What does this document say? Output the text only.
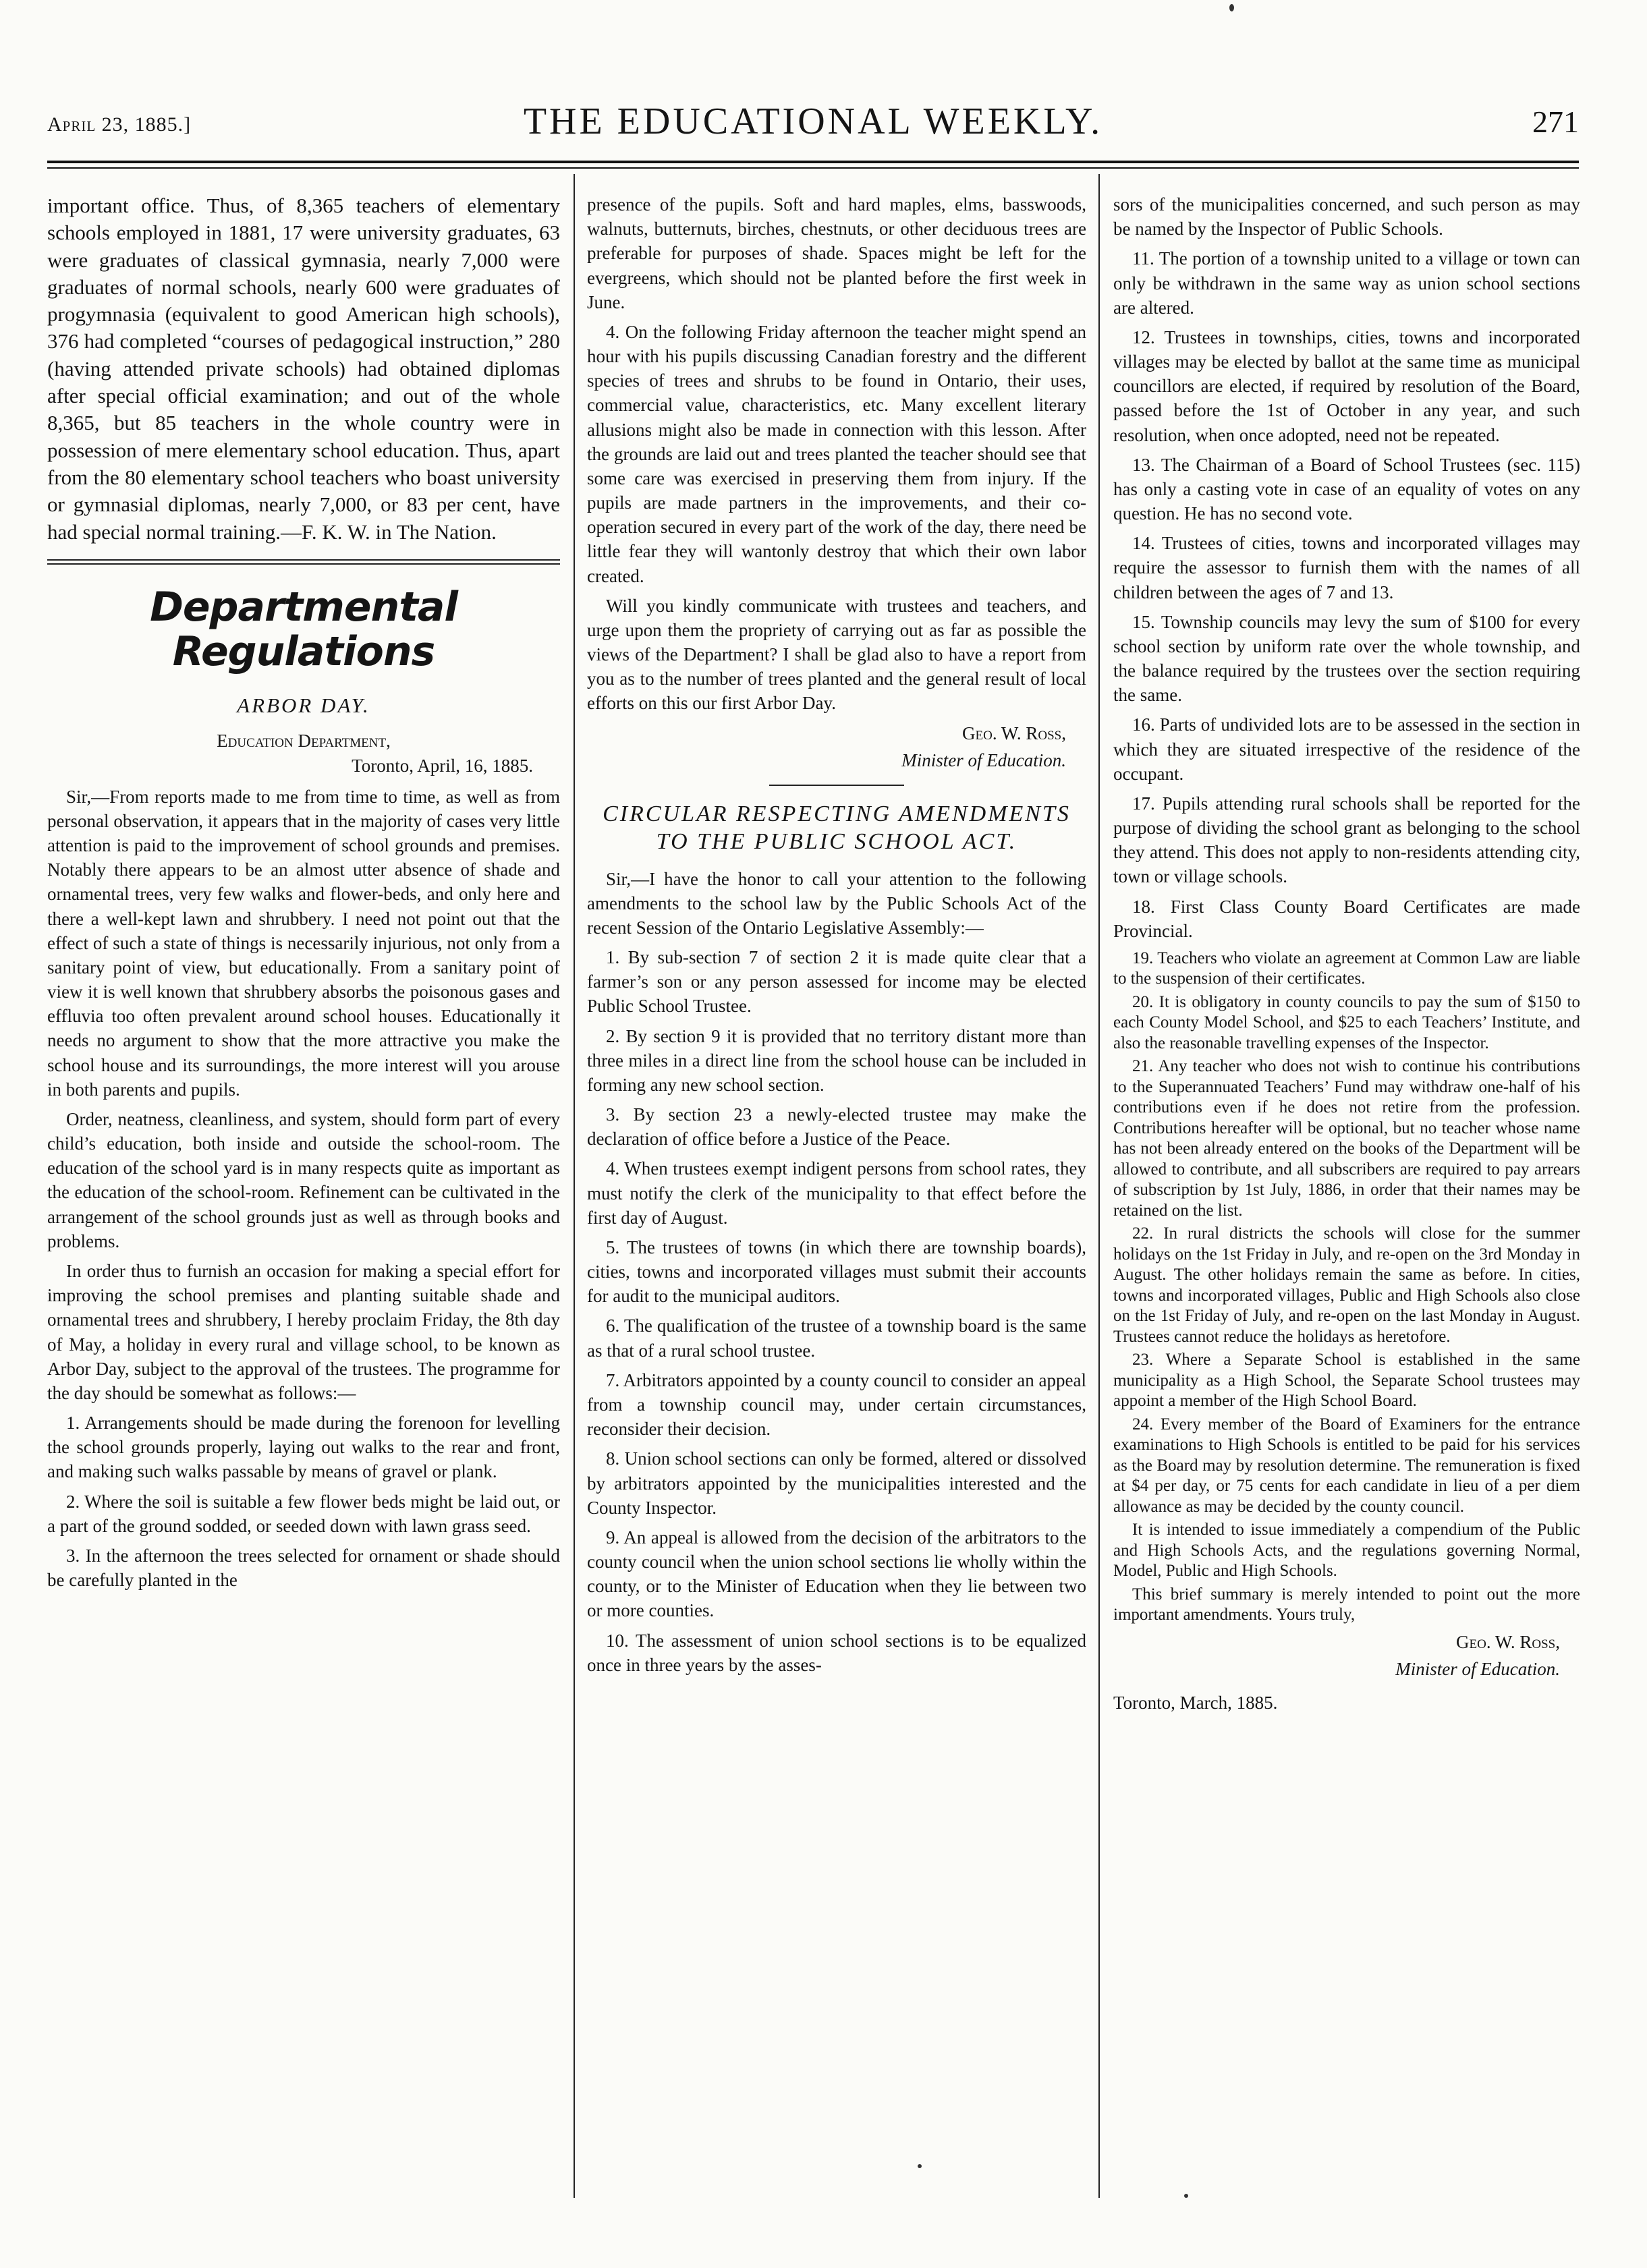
April 23, 1885.]	THE EDUCATIONAL WEEKLY.	271

important office. Thus, of 8,365 teachers of elementary schools employed in 1881, 17 were university graduates, 63 were graduates of classical gymnasia, nearly 7,000 were graduates of normal schools, nearly 600 were graduates of progymnasia (equivalent to good American high schools), 376 had completed “courses of pedagogical instruction,” 280 (having attended private schools) had obtained diplomas after special official examination; and out of the whole 8,365, but 85 teachers in the whole country were in possession of mere elementary school education. Thus, apart from the 80 elementary school teachers who boast university or gymnasial diplomas, nearly 7,000, or 83 per cent, have had special normal training.—F. K. W. in The Nation.

Departmental Regulations

ARBOR DAY.

Education Department,

Toronto, April, 16, 1885.

Sir,—From reports made to me from time to time, as well as from personal observation, it appears that in the majority of cases very little attention is paid to the improvement of school grounds and premises. Notably there appears to be an almost utter absence of shade and ornamental trees, very few walks and flower-beds, and only here and there a well-kept lawn and shrubbery. I need not point out that the effect of such a state of things is necessarily injurious, not only from a sanitary point of view, but educationally. From a sanitary point of view it is well known that shrubbery absorbs the poisonous gases and effluvia too often prevalent around school houses. Educationally it needs no argument to show that the more attractive you make the school house and its surroundings, the more interest will you arouse in both parents and pupils.

Order, neatness, cleanliness, and system, should form part of every child’s education, both inside and outside the school-room. The education of the school yard is in many respects quite as important as the education of the school-room. Refinement can be cultivated in the arrangement of the school grounds just as well as through books and problems.

In order thus to furnish an occasion for making a special effort for improving the school premises and planting suitable shade and ornamental trees and shrubbery, I hereby proclaim Friday, the 8th day of May, a holiday in every rural and village school, to be known as Arbor Day, subject to the approval of the trustees. The programme for the day should be somewhat as follows:—

1. Arrangements should be made during the forenoon for levelling the school grounds properly, laying out walks to the rear and front, and making such walks passable by means of gravel or plank.

2. Where the soil is suitable a few flower beds might be laid out, or a part of the ground sodded, or seeded down with lawn grass seed.

3. In the afternoon the trees selected for ornament or shade should be carefully planted in the

presence of the pupils. Soft and hard maples, elms, basswoods, walnuts, butternuts, birches, chestnuts, or other deciduous trees are preferable for purposes of shade. Spaces might be left for the evergreens, which should not be planted before the first week in June.

4. On the following Friday afternoon the teacher might spend an hour with his pupils discussing Canadian forestry and the different species of trees and shrubs to be found in Ontario, their uses, commercial value, characteristics, etc. Many excellent literary allusions might also be made in connection with this lesson. After the grounds are laid out and trees planted the teacher should see that some care was exercised in preserving them from injury. If the pupils are made partners in the improvements, and their co-operation secured in every part of the work of the day, there need be little fear they will wantonly destroy that which their own labor created.

Will you kindly communicate with trustees and teachers, and urge upon them the propriety of carrying out as far as possible the views of the Department? I shall be glad also to have a report from you as to the number of trees planted and the general result of local efforts on this our first Arbor Day.

Geo. W. Ross,
Minister of Education.

CIRCULAR RESPECTING AMENDMENTS TO THE PUBLIC SCHOOL ACT.

Sir,—I have the honor to call your attention to the following amendments to the school law by the Public Schools Act of the recent Session of the Ontario Legislative Assembly:—

1. By sub-section 7 of section 2 it is made quite clear that a farmer’s son or any person assessed for income may be elected Public School Trustee.

2. By section 9 it is provided that no territory distant more than three miles in a direct line from the school house can be included in forming any new school section.

3. By section 23 a newly-elected trustee may make the declaration of office before a Justice of the Peace.

4. When trustees exempt indigent persons from school rates, they must notify the clerk of the municipality to that effect before the first day of August.

5. The trustees of towns (in which there are township boards), cities, towns and incorporated villages must submit their accounts for audit to the municipal auditors.

6. The qualification of the trustee of a township board is the same as that of a rural school trustee.

7. Arbitrators appointed by a county council to consider an appeal from a township council may, under certain circumstances, reconsider their decision.

8. Union school sections can only be formed, altered or dissolved by arbitrators appointed by the municipalities interested and the County Inspector.

9. An appeal is allowed from the decision of the arbitrators to the county council when the union school sections lie wholly within the county, or to the Minister of Education when they lie between two or more counties.

10. The assessment of union school sections is to be equalized once in three years by the asses-

sors of the municipalities concerned, and such person as may be named by the Inspector of Public Schools.

11. The portion of a township united to a village or town can only be withdrawn in the same way as union school sections are altered.

12. Trustees in townships, cities, towns and incorporated villages may be elected by ballot at the same time as municipal councillors are elected, if required by resolution of the Board, passed before the 1st of October in any year, and such resolution, when once adopted, need not be repeated.

13. The Chairman of a Board of School Trustees (sec. 115) has only a casting vote in case of an equality of votes on any question. He has no second vote.

14. Trustees of cities, towns and incorporated villages may require the assessor to furnish them with the names of all children between the ages of 7 and 13.

15. Township councils may levy the sum of $100 for every school section by uniform rate over the whole township, and the balance required by the trustees over the section requiring the same.

16. Parts of undivided lots are to be assessed in the section in which they are situated irrespective of the residence of the occupant.

17. Pupils attending rural schools shall be reported for the purpose of dividing the school grant as belonging to the school they attend. This does not apply to non-residents attending city, town or village schools.

18. First Class County Board Certificates are made Provincial.

19. Teachers who violate an agreement at Common Law are liable to the suspension of their certificates.

20. It is obligatory in county councils to pay the sum of $150 to each County Model School, and $25 to each Teachers’ Institute, and also the reasonable travelling expenses of the Inspector.

21. Any teacher who does not wish to continue his contributions to the Superannuated Teachers’ Fund may withdraw one-half of his contributions even if he does not retire from the profession. Contributions hereafter will be optional, but no teacher whose name has not been already entered on the books of the Department will be allowed to contribute, and all subscribers are required to pay arrears of subscription by 1st July, 1886, in order that their names may be retained on the list.

22. In rural districts the schools will close for the summer holidays on the 1st Friday in July, and re-open on the 3rd Monday in August. The other holidays remain the same as before. In cities, towns and incorporated villages, Public and High Schools also close on the 1st Friday of July, and re-open on the last Monday in August. Trustees cannot reduce the holidays as heretofore.

23. Where a Separate School is established in the same municipality as a High School, the Separate School trustees may appoint a member of the High School Board.

24. Every member of the Board of Examiners for the entrance examinations to High Schools is entitled to be paid for his services as the Board may by resolution determine. The remuneration is fixed at $4 per day, or 75 cents for each candidate in lieu of a per diem allowance as may be decided by the county council.

It is intended to issue immediately a compendium of the Public and High Schools Acts, and the regulations governing Normal, Model, Public and High Schools.

This brief summary is merely intended to point out the more important amendments. Yours truly,

Geo. W. Ross,
Minister of Education.

Toronto, March, 1885.
